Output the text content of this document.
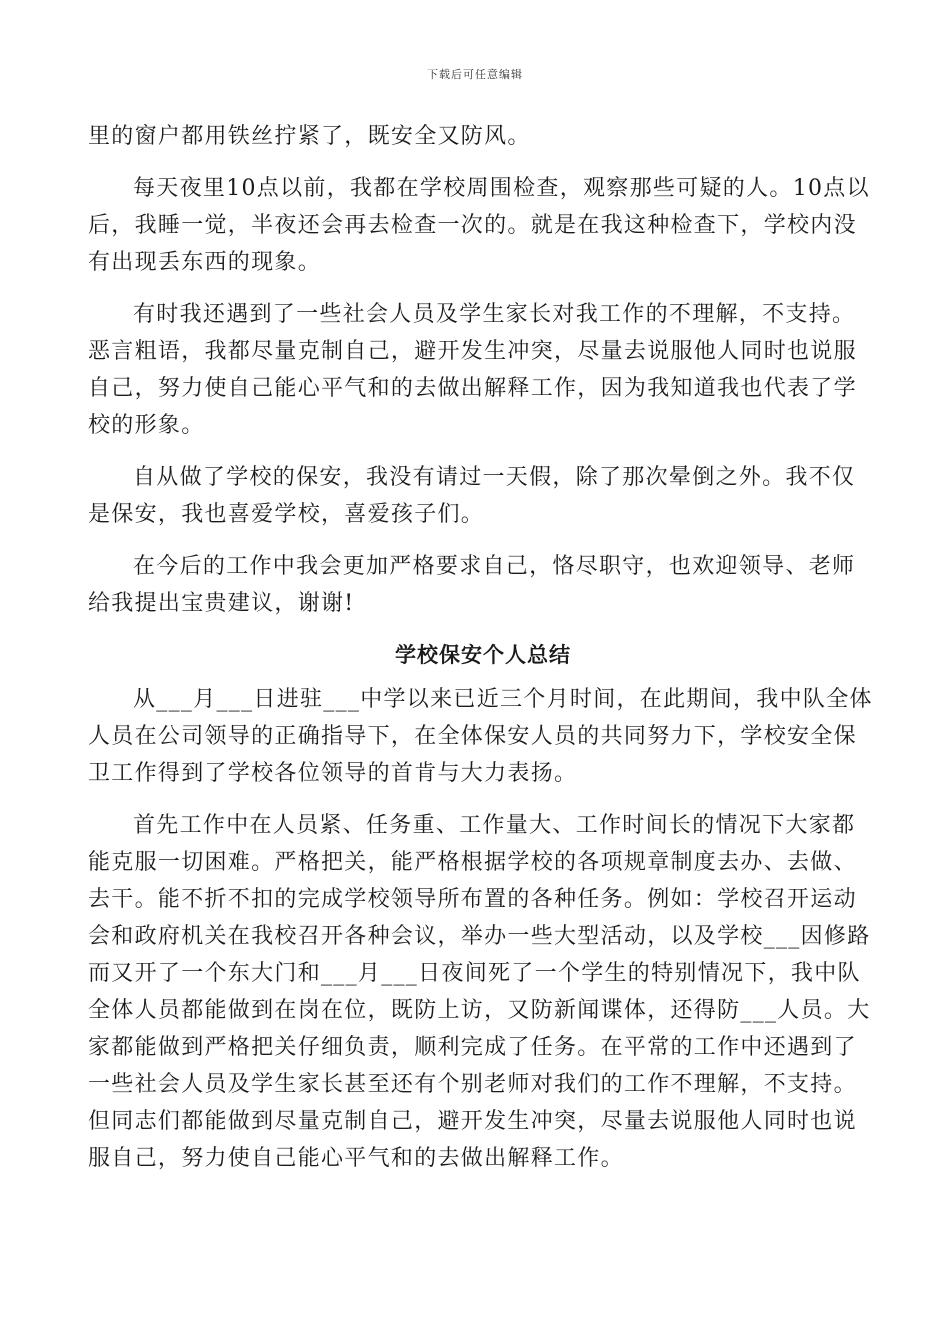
下载后可任意编辑

里的窗户都用铁丝拧紧了，既安全又防风。

每天夜里10点以前，我都在学校周围检查，观察那些可疑的人。10点以后，我睡一觉，半夜还会再去检查一次的。就是在我这种检查下，学校内没有出现丢东西的现象。

有时我还遇到了一些社会人员及学生家长对我工作的不理解，不支持。恶言粗语，我都尽量克制自己，避开发生冲突，尽量去说服他人同时也说服自己，努力使自己能心平气和的去做出解释工作，因为我知道我也代表了学校的形象。

自从做了学校的保安，我没有请过一天假，除了那次晕倒之外。我不仅是保安，我也喜爱学校，喜爱孩子们。

在今后的工作中我会更加严格要求自己，恪尽职守，也欢迎领导、老师给我提出宝贵建议，谢谢!

学校保安个人总结

从___月___日进驻___中学以来已近三个月时间，在此期间，我中队全体人员在公司领导的正确指导下，在全体保安人员的共同努力下，学校安全保卫工作得到了学校各位领导的首肯与大力表扬。

首先工作中在人员紧、任务重、工作量大、工作时间长的情况下大家都能克服一切困难。严格把关，能严格根据学校的各项规章制度去办、去做、去干。能不折不扣的完成学校领导所布置的各种任务。例如：学校召开运动会和政府机关在我校召开各种会议，举办一些大型活动，以及学校___因修路而又开了一个东大门和___月___日夜间死了一个学生的特别情况下，我中队全体人员都能做到在岗在位，既防上访，又防新闻谍体，还得防___人员。大家都能做到严格把关仔细负责，顺利完成了任务。在平常的工作中还遇到了一些社会人员及学生家长甚至还有个别老师对我们的工作不理解，不支持。但同志们都能做到尽量克制自己，避开发生冲突，尽量去说服他人同时也说服自己，努力使自己能心平气和的去做出解释工作。
